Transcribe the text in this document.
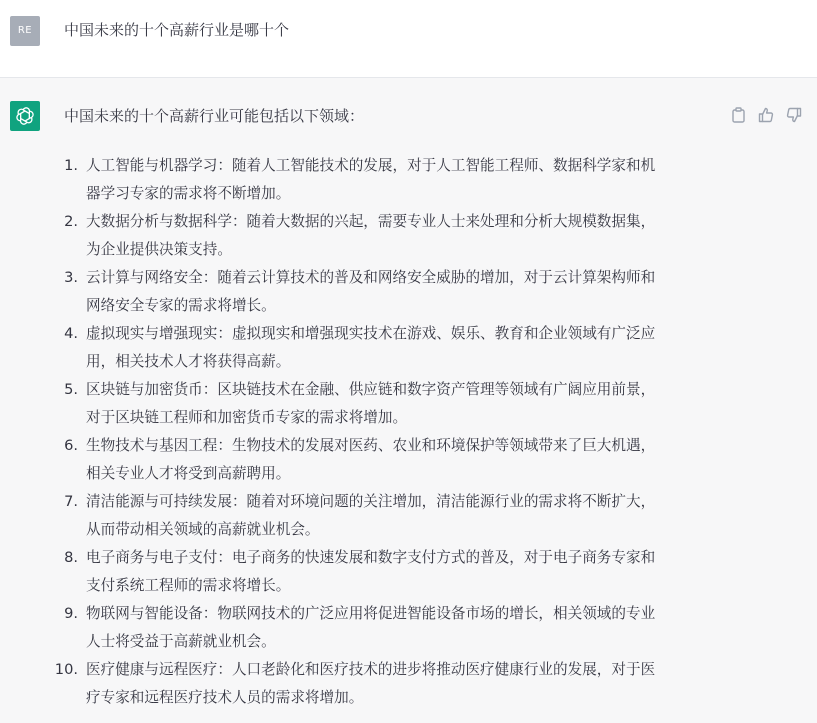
RE	中国未来的十个高薪行业是哪十个
中国未来的十个高薪行业可能包括以下领域：
1. 人工智能与机器学习：随着人工智能技术的发展，对于人工智能工程师、数据科学家和机
器学习专家的需求将不断增加。
2. 大数据分析与数据科学：随着大数据的兴起，需要专业人士来处理和分析大规模数据集，
为企业提供决策支持。
3. 云计算与网络安全：随着云计算技术的普及和网络安全威胁的增加，对于云计算架构师和
网络安全专家的需求将增长。
4. 虚拟现实与增强现实：虚拟现实和增强现实技术在游戏、娱乐、教育和企业领域有广泛应
用，相关技术人才将获得高薪。
5. 区块链与加密货币：区块链技术在金融、供应链和数字资产管理等领域有广阔应用前景，
对于区块链工程师和加密货币专家的需求将增加。
6. 生物技术与基因工程：生物技术的发展对医药、农业和环境保护等领域带来了巨大机遇，
相关专业人才将受到高薪聘用。
7. 清洁能源与可持续发展：随着对环境问题的关注增加，清洁能源行业的需求将不断扩大，
从而带动相关领域的高薪就业机会。
8. 电子商务与电子支付：电子商务的快速发展和数字支付方式的普及，对于电子商务专家和
支付系统工程师的需求将增长。
9. 物联网与智能设备：物联网技术的广泛应用将促进智能设备市场的增长，相关领域的专业
人士将受益于高薪就业机会。
10. 医疗健康与远程医疗：人口老龄化和医疗技术的进步将推动医疗健康行业的发展，对于医
疗专家和远程医疗技术人员的需求将增加。
